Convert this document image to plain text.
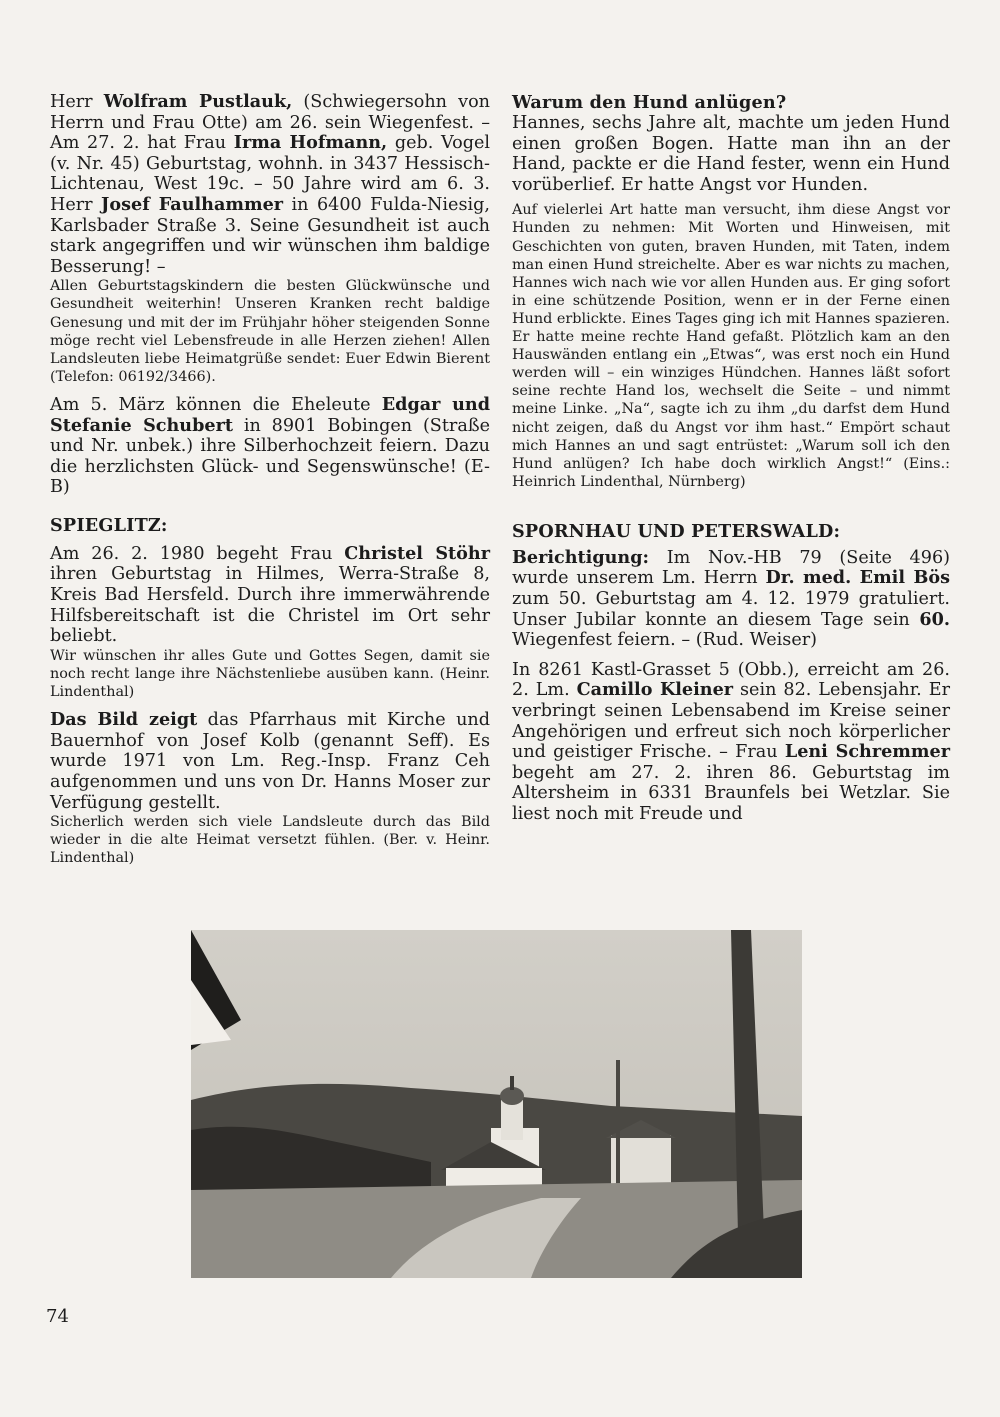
Herr Wolfram Pustlauk, (Schwiegersohn von Herrn und Frau Otte) am 26. sein Wiegenfest. – Am 27. 2. hat Frau Irma Hofmann, geb. Vogel (v. Nr. 45) Geburtstag, wohnh. in 3437 Hessisch-Lichtenau, West 19c. – 50 Jahre wird am 6. 3. Herr Josef Faulhammer in 6400 Fulda-Niesig, Karlsbader Straße 3. Seine Gesundheit ist auch stark angegriffen und wir wünschen ihm baldige Besserung! –

Allen Geburtstagskindern die besten Glückwünsche und Gesundheit weiterhin! Unseren Kranken recht baldige Genesung und mit der im Frühjahr höher steigenden Sonne möge recht viel Lebensfreude in alle Herzen ziehen! Allen Landsleuten liebe Heimatgrüße sendet: Euer Edwin Bierent (Telefon: 06192/3466).

Am 5. März können die Eheleute Edgar und Stefanie Schubert in 8901 Bobingen (Straße und Nr. unbek.) ihre Silberhochzeit feiern. Dazu die herzlichsten Glück- und Segenswünsche! (E-B)

SPIEGLITZ:

Am 26. 2. 1980 begeht Frau Christel Stöhr ihren Geburtstag in Hilmes, Werra-Straße 8, Kreis Bad Hersfeld. Durch ihre immerwährende Hilfsbereitschaft ist die Christel im Ort sehr beliebt.

Wir wünschen ihr alles Gute und Gottes Segen, damit sie noch recht lange ihre Nächstenliebe ausüben kann. (Heinr. Lindenthal)

Das Bild zeigt das Pfarrhaus mit Kirche und Bauernhof von Josef Kolb (genannt Seff). Es wurde 1971 von Lm. Reg.-Insp. Franz Ceh aufgenommen und uns von Dr. Hanns Moser zur Verfügung gestellt.

Sicherlich werden sich viele Landsleute durch das Bild wieder in die alte Heimat versetzt fühlen. (Ber. v. Heinr. Lindenthal)

Warum den Hund anlügen?

Hannes, sechs Jahre alt, machte um jeden Hund einen großen Bogen. Hatte man ihn an der Hand, packte er die Hand fester, wenn ein Hund vorüberlief. Er hatte Angst vor Hunden.

Auf vielerlei Art hatte man versucht, ihm diese Angst vor Hunden zu nehmen: Mit Worten und Hinweisen, mit Geschichten von guten, braven Hunden, mit Taten, indem man einen Hund streichelte. Aber es war nichts zu machen, Hannes wich nach wie vor allen Hunden aus. Er ging sofort in eine schützende Position, wenn er in der Ferne einen Hund erblickte. Eines Tages ging ich mit Hannes spazieren. Er hatte meine rechte Hand gefaßt. Plötzlich kam an den Hauswänden entlang ein „Etwas“, was erst noch ein Hund werden will – ein winziges Hündchen. Hannes läßt sofort seine rechte Hand los, wechselt die Seite – und nimmt meine Linke. „Na“, sagte ich zu ihm „du darfst dem Hund nicht zeigen, daß du Angst vor ihm hast.“ Empört schaut mich Hannes an und sagt entrüstet: „Warum soll ich den Hund anlügen? Ich habe doch wirklich Angst!“ (Eins.: Heinrich Lindenthal, Nürnberg)

SPORNHAU UND PETERSWALD:

Berichtigung: Im Nov.-HB 79 (Seite 496) wurde unserem Lm. Herrn Dr. med. Emil Bös zum 50. Geburtstag am 4. 12. 1979 gratuliert. Unser Jubilar konnte an diesem Tage sein 60. Wiegenfest feiern. – (Rud. Weiser)

In 8261 Kastl-Grasset 5 (Obb.), erreicht am 26. 2. Lm. Camillo Kleiner sein 82. Lebensjahr. Er verbringt seinen Lebensabend im Kreise seiner Angehörigen und erfreut sich noch körperlicher und geistiger Frische. – Frau Leni Schremmer begeht am 27. 2. ihren 86. Geburtstag im Altersheim in 6331 Braunfels bei Wetzlar. Sie liest noch mit Freude und

74
